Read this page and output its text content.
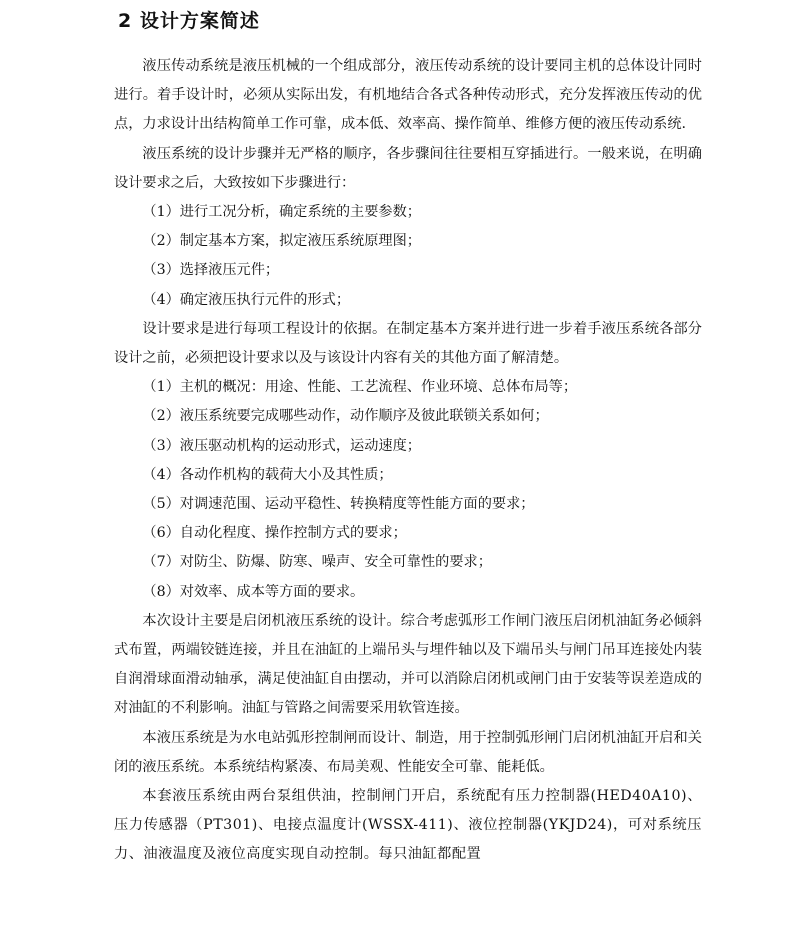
2 设计方案简述

液压传动系统是液压机械的一个组成部分，液压传动系统的设计要同主机的总体设计同时进行。着手设计时，必须从实际出发，有机地结合各式各种传动形式，充分发挥液压传动的优点，力求设计出结构简单工作可靠，成本低、效率高、操作简单、维修方便的液压传动系统.

液压系统的设计步骤并无严格的顺序，各步骤间往往要相互穿插进行。一般来说，在明确设计要求之后，大致按如下步骤进行：

（1）进行工况分析，确定系统的主要参数；

（2）制定基本方案，拟定液压系统原理图；

（3）选择液压元件；

（4）确定液压执行元件的形式；

设计要求是进行每项工程设计的依据。在制定基本方案并进行进一步着手液压系统各部分设计之前，必须把设计要求以及与该设计内容有关的其他方面了解清楚。

（1）主机的概况：用途、性能、工艺流程、作业环境、总体布局等；

（2）液压系统要完成哪些动作，动作顺序及彼此联锁关系如何；

（3）液压驱动机构的运动形式，运动速度；

（4）各动作机构的载荷大小及其性质；

（5）对调速范围、运动平稳性、转换精度等性能方面的要求；

（6）自动化程度、操作控制方式的要求；

（7）对防尘、防爆、防寒、噪声、安全可靠性的要求；

（8）对效率、成本等方面的要求。

本次设计主要是启闭机液压系统的设计。综合考虑弧形工作闸门液压启闭机油缸务必倾斜式布置，两端铰链连接，并且在油缸的上端吊头与埋件轴以及下端吊头与闸门吊耳连接处内装自润滑球面滑动轴承，满足使油缸自由摆动，并可以消除启闭机或闸门由于安装等误差造成的对油缸的不利影响。油缸与管路之间需要采用软管连接。

本液压系统是为水电站弧形控制闸而设计、制造，用于控制弧形闸门启闭机油缸开启和关闭的液压系统。本系统结构紧凑、布局美观、性能安全可靠、能耗低。

本套液压系统由两台泵组供油，控制闸门开启，系统配有压力控制器(HED40A10)、压力传感器（PT301)、电接点温度计(WSSX-411)、液位控制器(YKJD24)，可对系统压力、油液温度及液位高度实现自动控制。每只油缸都配置
